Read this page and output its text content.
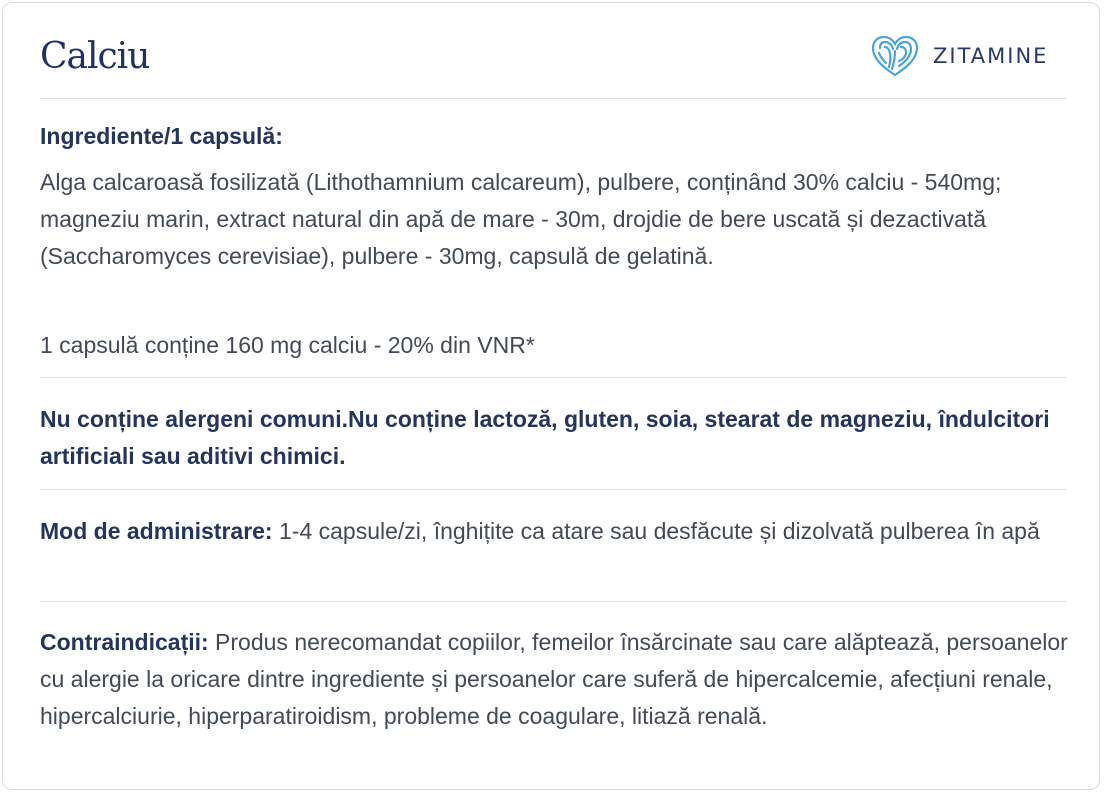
Calciu	ZITAMINE
Ingrediente/1 capsulă:
Alga calcaroasă fosilizată (Lithothamnium calcareum), pulbere, conținând 30% calciu - 540mg; magneziu marin, extract natural din apă de mare - 30m, drojdie de bere uscată și dezactivată (Saccharomyces cerevisiae), pulbere - 30mg, capsulă de gelatină.
1 capsulă conține 160 mg calciu - 20% din VNR*
Nu conține alergeni comuni.Nu conține lactoză, gluten, soia, stearat de magneziu, îndulcitori artificiali sau aditivi chimici.
Mod de administrare: 1-4 capsule/zi, înghițite ca atare sau desfăcute și dizolvată pulberea în apă
Contraindicații: Produs nerecomandat copiilor, femeilor însărcinate sau care alăptează, persoanelor cu alergie la oricare dintre ingrediente și persoanelor care suferă de hipercalcemie, afecțiuni renale, hipercalciurie, hiperparatiroidism, probleme de coagulare, litiază renală.
